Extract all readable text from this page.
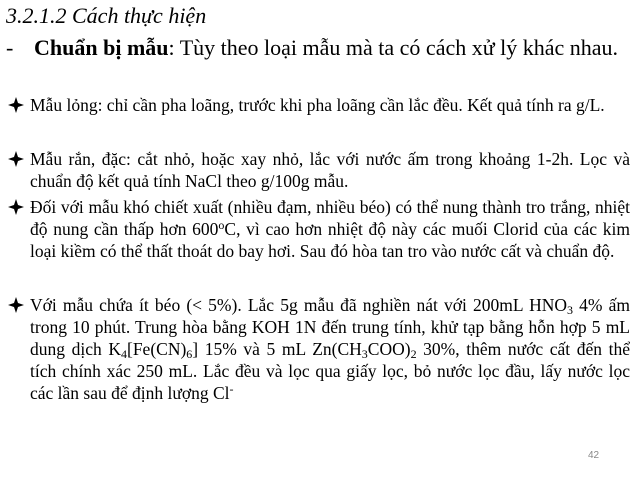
3.2.1.2 Cách thực hiện
- Chuẩn bị mẫu: Tùy theo loại mẫu mà ta có cách xử lý khác nhau.
Mẫu lỏng: chỉ cần pha loãng, trước khi pha loãng cần lắc đều. Kết quả tính ra g/L.
Mẫu rắn, đặc: cắt nhỏ, hoặc xay nhỏ, lắc với nước ấm trong khoảng 1-2h. Lọc và chuẩn độ kết quả tính NaCl theo g/100g mẫu.
Đối với mẫu khó chiết xuất (nhiều đạm, nhiều béo) có thể nung thành tro trắng, nhiệt độ nung cần thấp hơn 600$^o$C, vì cao hơn nhiệt độ này các muối Clorid của các kim loại kiềm có thể thất thoát do bay hơi. Sau đó hòa tan tro vào nước cất và chuẩn độ.
Với mẫu chứa ít béo (< 5%). Lắc 5g mẫu đã nghiền nát với 200mL $HNO_3$ 4% ấm trong 10 phút. Trung hòa bằng KOH 1N đến trung tính, khử tạp bằng hỗn hợp 5 mL dung dịch $K_4[Fe(CN)_6]$ 15% và 5 mL $Zn(CH_3COO)_2$ 30%, thêm nước cất đến thể tích chính xác 250 mL. Lắc đều và lọc qua giấy lọc, bỏ nước lọc đầu, lấy nước lọc các lần sau để định lượng Cl-
42
